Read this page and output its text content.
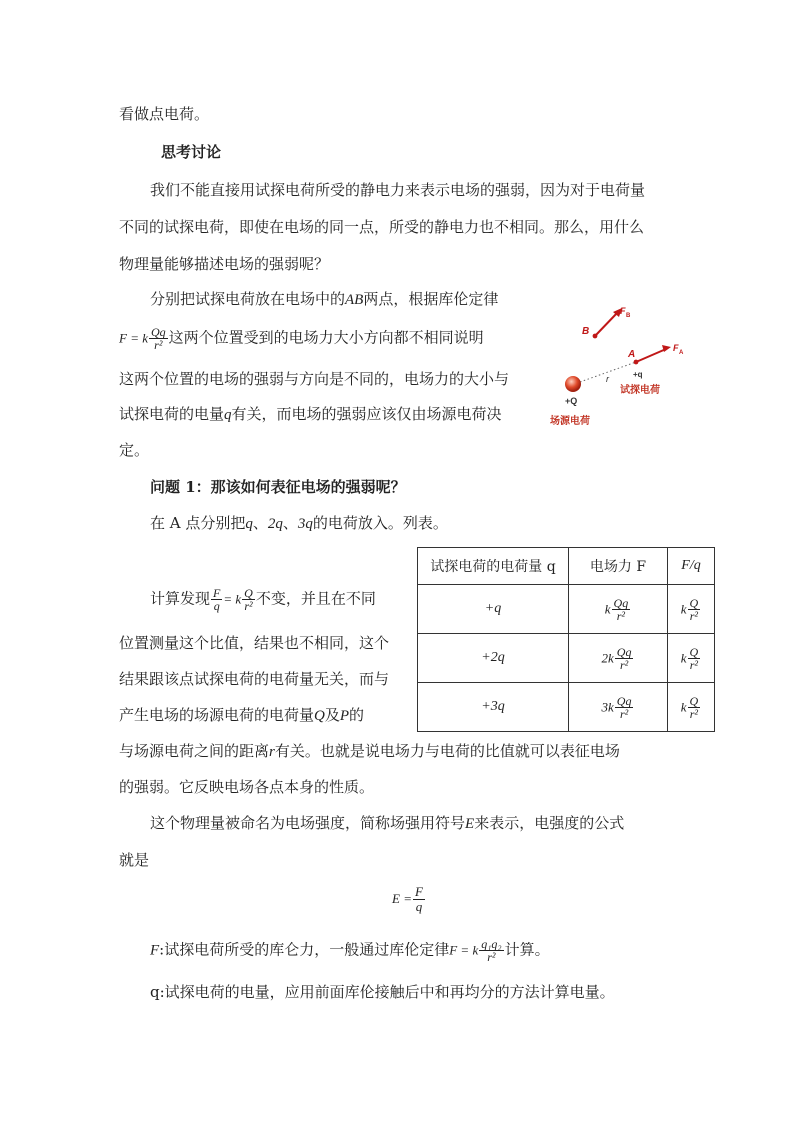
看做点电荷。
思考讨论
我们不能直接用试探电荷所受的静电力来表示电场的强弱，因为对于电荷量
不同的试探电荷，即使在电场的同一点，所受的静电力也不相同。那么，用什么
物理量能够描述电场的强弱呢？
分别把试探电荷放在电场中的AB两点，根据库伦定律
F = k $\frac{Qq}{\text{r²}}$ 这两个位置受到的电场力大小方向都不相同说明
这两个位置的电场的强弱与方向是不同的，电场力的大小与
试探电荷的电量q有关，而电场的强弱应该仅由场源电荷决
定。
B
F B
A
F A
+q
r
试探电荷
+Q
场源电荷
问题 1：那该如何表征电场的强弱呢？
在 A 点分别把q、2q、3q的电荷放入。列表。
试探电荷的电荷量 q	电场力 F	F/q
+q	k $\frac{Qq}{\text{r²}}$	k $\frac{Q}{\text{r²}}$

+2q	$2k \frac{Qq}{\text{r²}}$	k $\frac{Q}{\text{r²}}$

+3q	$3k \frac{Qq}{\text{r²}}$	k $\frac{Q}{\text{r²}}$
计算发现 $\frac{F}{q} = k \frac{Q}{\text{r²}}$ 不变，并且在不同
位置测量这个比值，结果也不相同，这个
结果跟该点试探电荷的电荷量无关，而与
产生电场的场源电荷的电荷量Q及P的
与场源电荷之间的距离r有关。也就是说电场力与电荷的比值就可以表征电场
的强弱。它反映电场各点本身的性质。
这个物理量被命名为电场强度，简称场强用符号E来表示，电强度的公式
就是
$E = \frac{F}{q}$
F:试探电荷所受的库仑力，一般通过库伦定律F = k $\frac{\text{q₁q₂}}{\text{r²}}$ 计算。
q:试探电荷的电量，应用前面库伦接触后中和再均分的方法计算电量。
